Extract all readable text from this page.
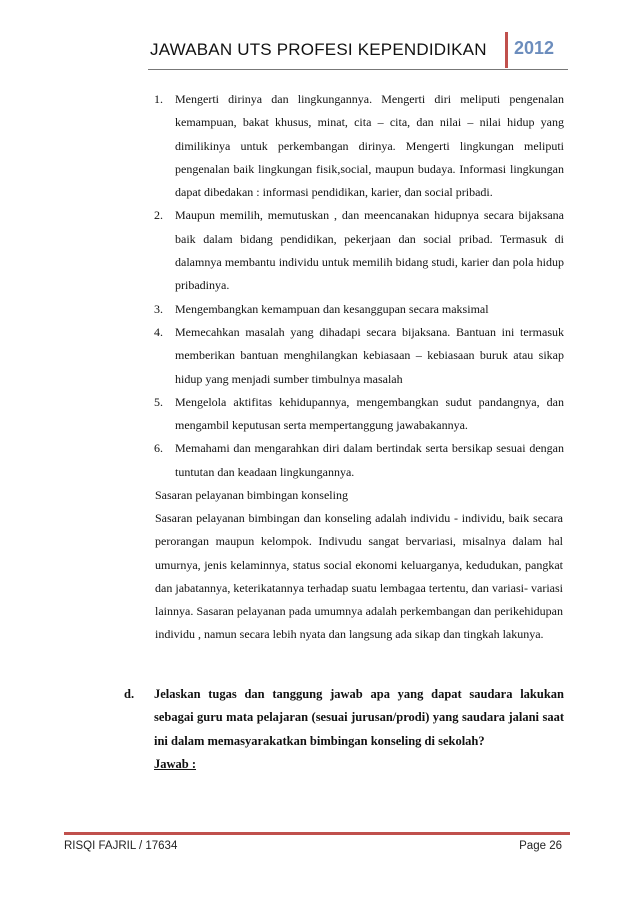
JAWABAN UTS PROFESI KEPENDIDIKAN 2012
1. Mengerti dirinya dan lingkungannya. Mengerti diri meliputi pengenalan kemampuan, bakat khusus, minat, cita – cita, dan nilai – nilai hidup yang dimilikinya untuk perkembangan dirinya. Mengerti lingkungan meliputi pengenalan baik lingkungan fisik,social, maupun budaya. Informasi lingkungan dapat dibedakan : informasi pendidikan, karier, dan social pribadi.
2. Maupun memilih, memutuskan , dan meencanakan hidupnya secara bijaksana baik dalam bidang pendidikan, pekerjaan dan social pribad. Termasuk di dalamnya membantu individu untuk memilih bidang studi, karier dan pola hidup pribadinya.
3. Mengembangkan kemampuan dan kesanggupan secara maksimal
4. Memecahkan masalah yang dihadapi secara bijaksana. Bantuan ini termasuk memberikan bantuan menghilangkan kebiasaan – kebiasaan buruk atau sikap hidup yang menjadi sumber timbulnya masalah
5. Mengelola aktifitas kehidupannya, mengembangkan sudut pandangnya, dan mengambil keputusan serta mempertanggung jawabakannya.
6. Memahami dan mengarahkan diri dalam bertindak serta bersikap sesuai dengan tuntutan dan keadaan lingkungannya.
Sasaran pelayanan bimbingan konseling
Sasaran pelayanan bimbingan dan konseling adalah individu - individu, baik secara perorangan maupun kelompok. Indivudu sangat bervariasi, misalnya dalam hal umurnya, jenis kelaminnya, status social ekonomi keluarganya, kedudukan, pangkat dan jabatannya, keterikatannya terhadap suatu lembagaa tertentu, dan variasi- variasi lainnya. Sasaran pelayanan pada umumnya adalah perkembangan dan perikehidupan individu , namun secara lebih nyata dan langsung ada sikap dan tingkah lakunya.
d. Jelaskan tugas dan tanggung jawab apa yang dapat saudara lakukan sebagai guru mata pelajaran (sesuai jurusan/prodi) yang saudara jalani saat ini dalam memasyarakatkan bimbingan konseling di sekolah?
Jawab :
RISQI FAJRIL / 17634	Page 26
